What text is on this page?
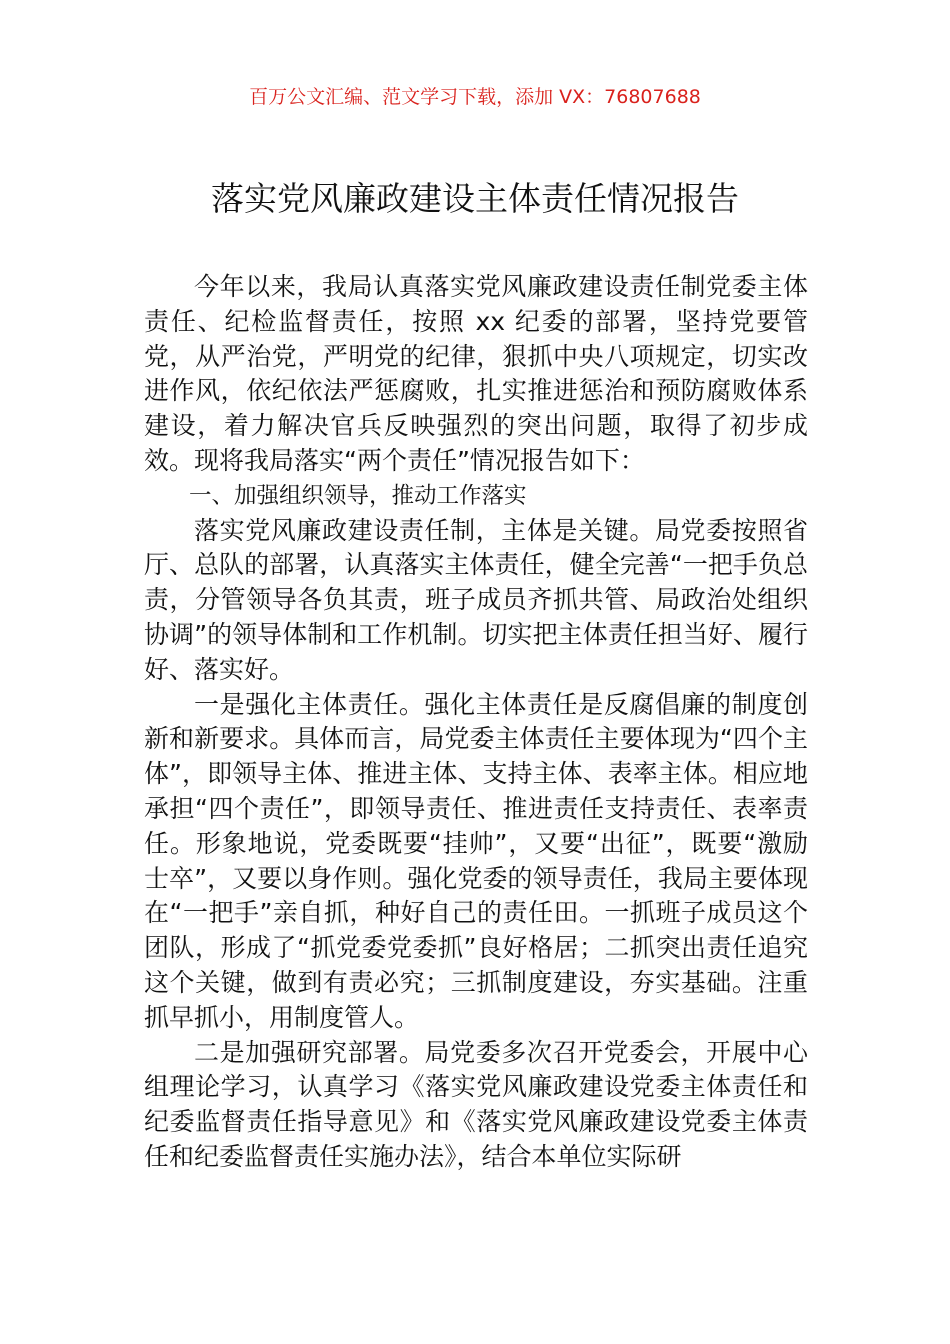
百万公文汇编、范文学习下载，添加 VX：76807688
落实党风廉政建设主体责任情况报告

今年以来，我局认真落实党风廉政建设责任制党委主体责任、纪检监督责任，按照 xx 纪委的部署，坚持党要管党，从严治党，严明党的纪律，狠抓中央八项规定，切实改进作风，依纪依法严惩腐败，扎实推进惩治和预防腐败体系建设，着力解决官兵反映强烈的突出问题，取得了初步成效。现将我局落实“两个责任”情况报告如下：

一、加强组织领导，推动工作落实

落实党风廉政建设责任制，主体是关键。局党委按照省厅、总队的部署，认真落实主体责任，健全完善“一把手负总责，分管领导各负其责，班子成员齐抓共管、局政治处组织协调”的领导体制和工作机制。切实把主体责任担当好、履行好、落实好。

一是强化主体责任。强化主体责任是反腐倡廉的制度创新和新要求。具体而言，局党委主体责任主要体现为“四个主体”，即领导主体、推进主体、支持主体、表率主体。相应地承担“四个责任”，即领导责任、推进责任支持责任、表率责任。形象地说，党委既要“挂帅”，又要“出征”，既要“激励士卒”，又要以身作则。强化党委的领导责任，我局主要体现在“一把手”亲自抓，种好自己的责任田。一抓班子成员这个团队，形成了“抓党委党委抓”良好格居；二抓突出责任追究这个关键，做到有责必究；三抓制度建设，夯实基础。注重抓早抓小，用制度管人。

二是加强研究部署。局党委多次召开党委会，开展中心组理论学习，认真学习《落实党风廉政建设党委主体责任和纪委监督责任指导意见》和《落实党风廉政建设党委主体责任和纪委监督责任实施办法》，结合本单位实际研
